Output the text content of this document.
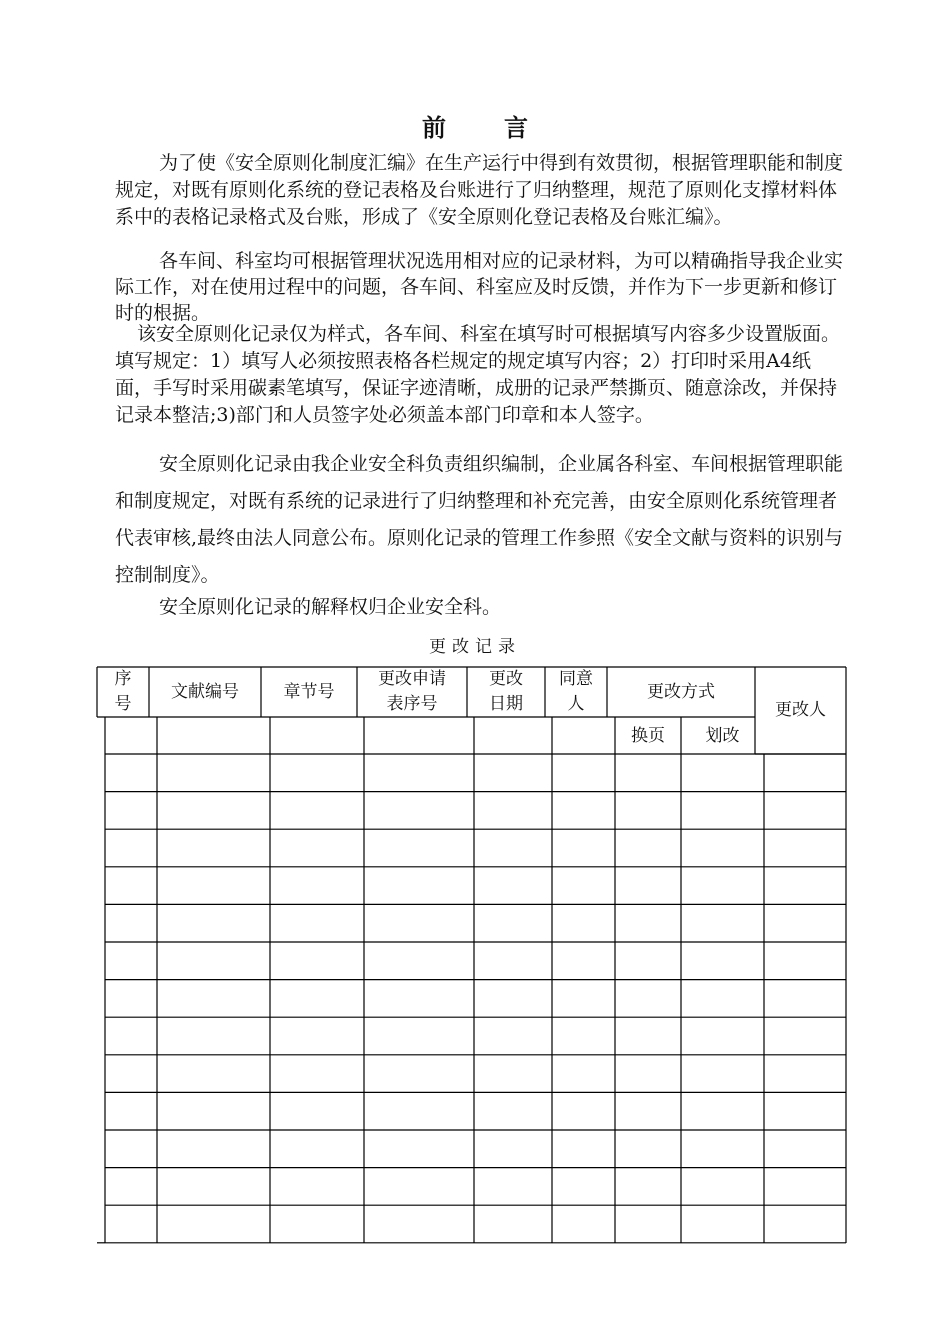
前 言

为了使《安全原则化制度汇编》在生产运行中得到有效贯彻，根据管理职能和制度规定，对既有原则化系统的登记表格及台账进行了归纳整理，规范了原则化支撑材料体系中的表格记录格式及台账，形成了《安全原则化登记表格及台账汇编》。

各车间、科室均可根据管理状况选用相对应的记录材料，为可以精确指导我企业实际工作，对在使用过程中的问题，各车间、科室应及时反馈，并作为下一步更新和修订时的根据。

该安全原则化记录仅为样式，各车间、科室在填写时可根据填写内容多少设置版面。填写规定：1）填写人必须按照表格各栏规定的规定填写内容；2）打印时采用A4纸面，手写时采用碳素笔填写，保证字迹清晰，成册的记录严禁撕页、随意涂改，并保持记录本整洁;3)部门和人员签字处必须盖本部门印章和本人签字。

安全原则化记录由我企业安全科负责组织编制，企业属各科室、车间根据管理职能和制度规定，对既有系统的记录进行了归纳整理和补充完善，由安全原则化系统管理者代表审核,最终由法人同意公布。原则化记录的管理工作参照《安全文献与资料的识别与控制制度》。

安全原则化记录的解释权归企业安全科。

更改记录
序
号
文献编号	章节号
更改申请
表序号
更改
日期
同意
人
更改方式
换页	划改
更改人
